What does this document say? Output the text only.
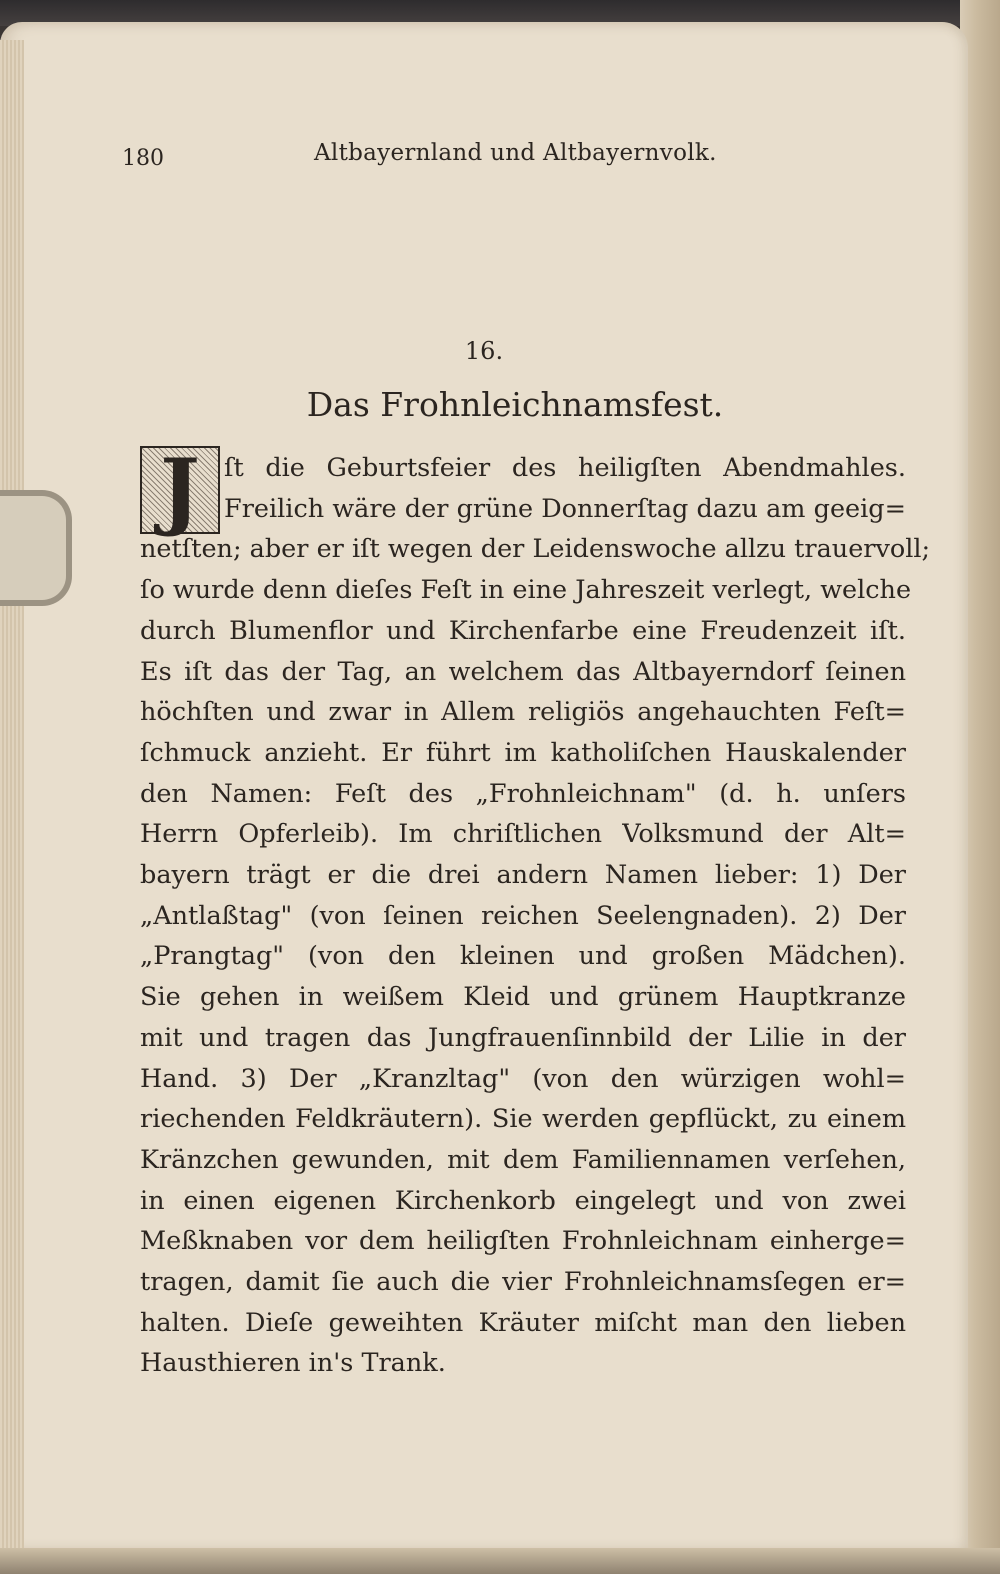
180	Altbayernland und Altbayernvolk.
16.
Das Frohnleichnamsfest.
J ſt die Geburtsfeier des heiligſten Abendmahles.
Freilich wäre der grüne Donnerſtag dazu am geeig=
netſten; aber er iſt wegen der Leidenswoche allzu trauervoll;
ſo wurde denn dieſes Feſt in eine Jahreszeit verlegt, welche
durch Blumenflor und Kirchenfarbe eine Freudenzeit iſt.
Es iſt das der Tag, an welchem das Altbayerndorf ſeinen
höchſten und zwar in Allem religiös angehauchten Feſt=
ſchmuck anzieht. Er führt im katholiſchen Hauskalender
den Namen: Feſt des „Frohnleichnam" (d. h. unſers
Herrn Opferleib). Im chriſtlichen Volksmund der Alt=
bayern trägt er die drei andern Namen lieber: 1) Der
„Antlaßtag" (von ſeinen reichen Seelengnaden). 2) Der
„Prangtag" (von den kleinen und großen Mädchen).
Sie gehen in weißem Kleid und grünem Hauptkranze
mit und tragen das Jungfrauenſinnbild der Lilie in der
Hand. 3) Der „Kranzltag" (von den würzigen wohl=
riechenden Feldkräutern). Sie werden gepflückt, zu einem
Kränzchen gewunden, mit dem Familiennamen verſehen,
in einen eigenen Kirchenkorb eingelegt und von zwei
Meßknaben vor dem heiligſten Frohnleichnam einherge=
tragen, damit ſie auch die vier Frohnleichnamsſegen er=
halten. Dieſe geweihten Kräuter miſcht man den lieben
Hausthieren in's Trank.
